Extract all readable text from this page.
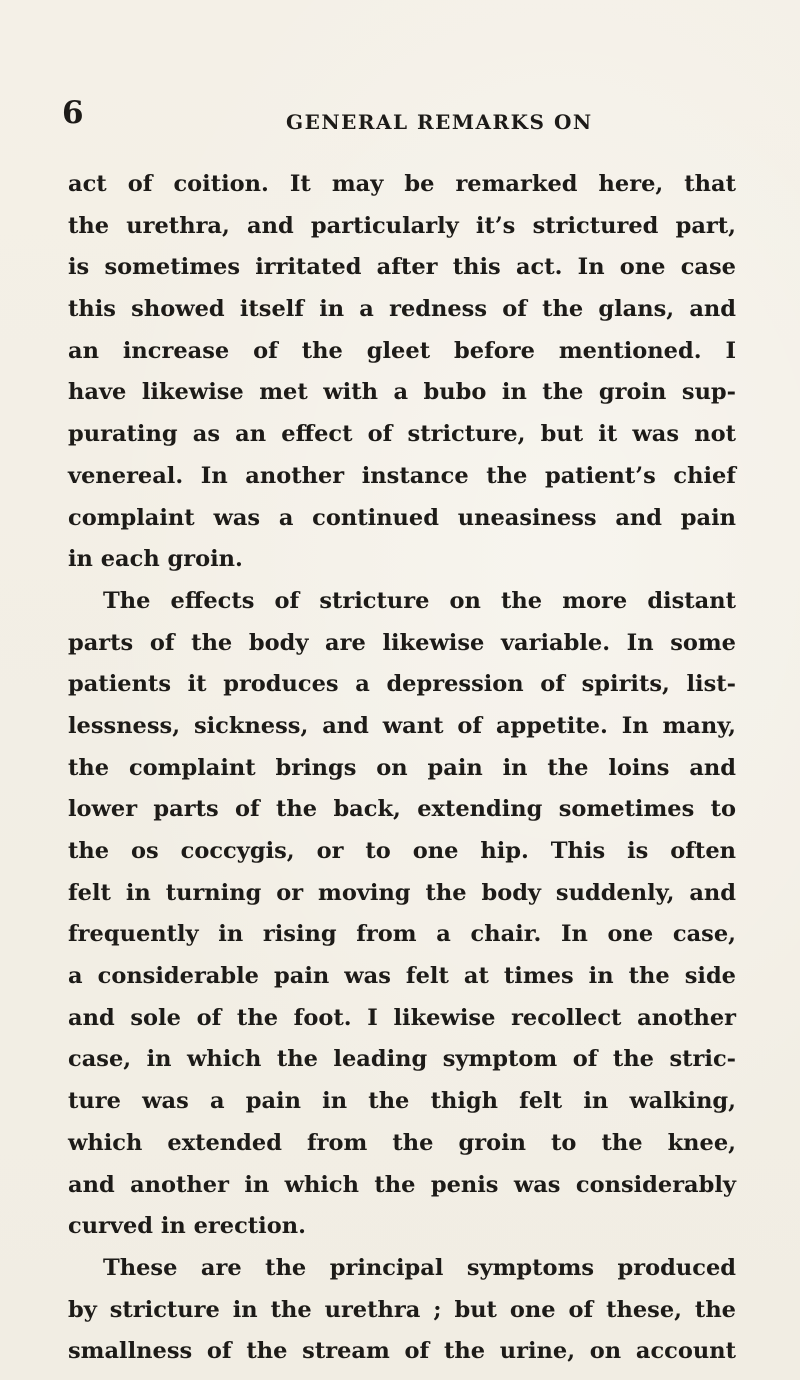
6	GENERAL REMARKS ON
act of coition. It may be remarked here, that
the urethra, and particularly it’s strictured part,
is sometimes irritated after this act. In one case
this showed itself in a redness of the glans, and
an increase of the gleet before mentioned. I
have likewise met with a bubo in the groin sup-
purating as an effect of stricture, but it was not
venereal. In another instance the patient’s chief
complaint was a continued uneasiness and pain
in each groin.
The effects of stricture on the more distant
parts of the body are likewise variable. In some
patients it produces a depression of spirits, list-
lessness, sickness, and want of appetite. In many,
the complaint brings on pain in the loins and
lower parts of the back, extending sometimes to
the os coccygis, or to one hip. This is often
felt in turning or moving the body suddenly, and
frequently in rising from a chair. In one case,
a considerable pain was felt at times in the side
and sole of the foot. I likewise recollect another
case, in which the leading symptom of the stric-
ture was a pain in the thigh felt in walking,
which extended from the groin to the knee,
and another in which the penis was considerably
curved in erection.
These are the principal symptoms produced
by stricture in the urethra ; but one of these, the
smallness of the stream of the urine, on account
